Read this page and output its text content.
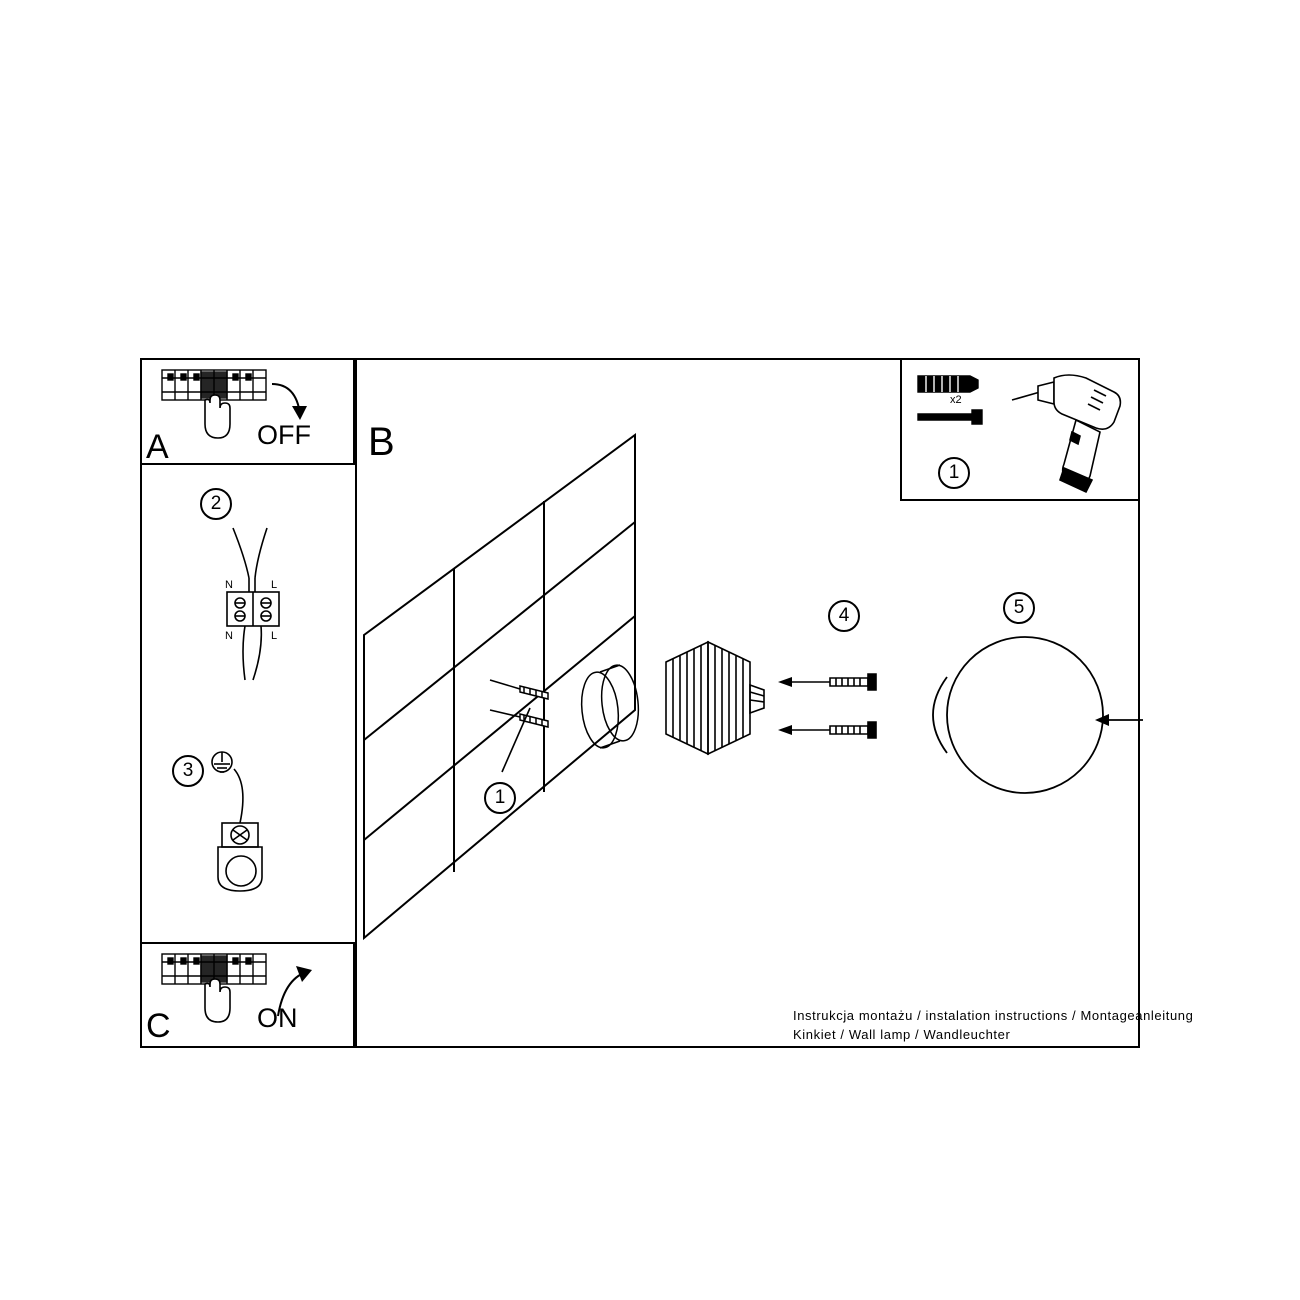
A	OFF
2
N	L
N	L
3
C	ON
B
1
4	5
1
x2
Instrukcja montażu / instalation instructions / Montageanleitung
Kinkiet / Wall lamp / Wandleuchter
